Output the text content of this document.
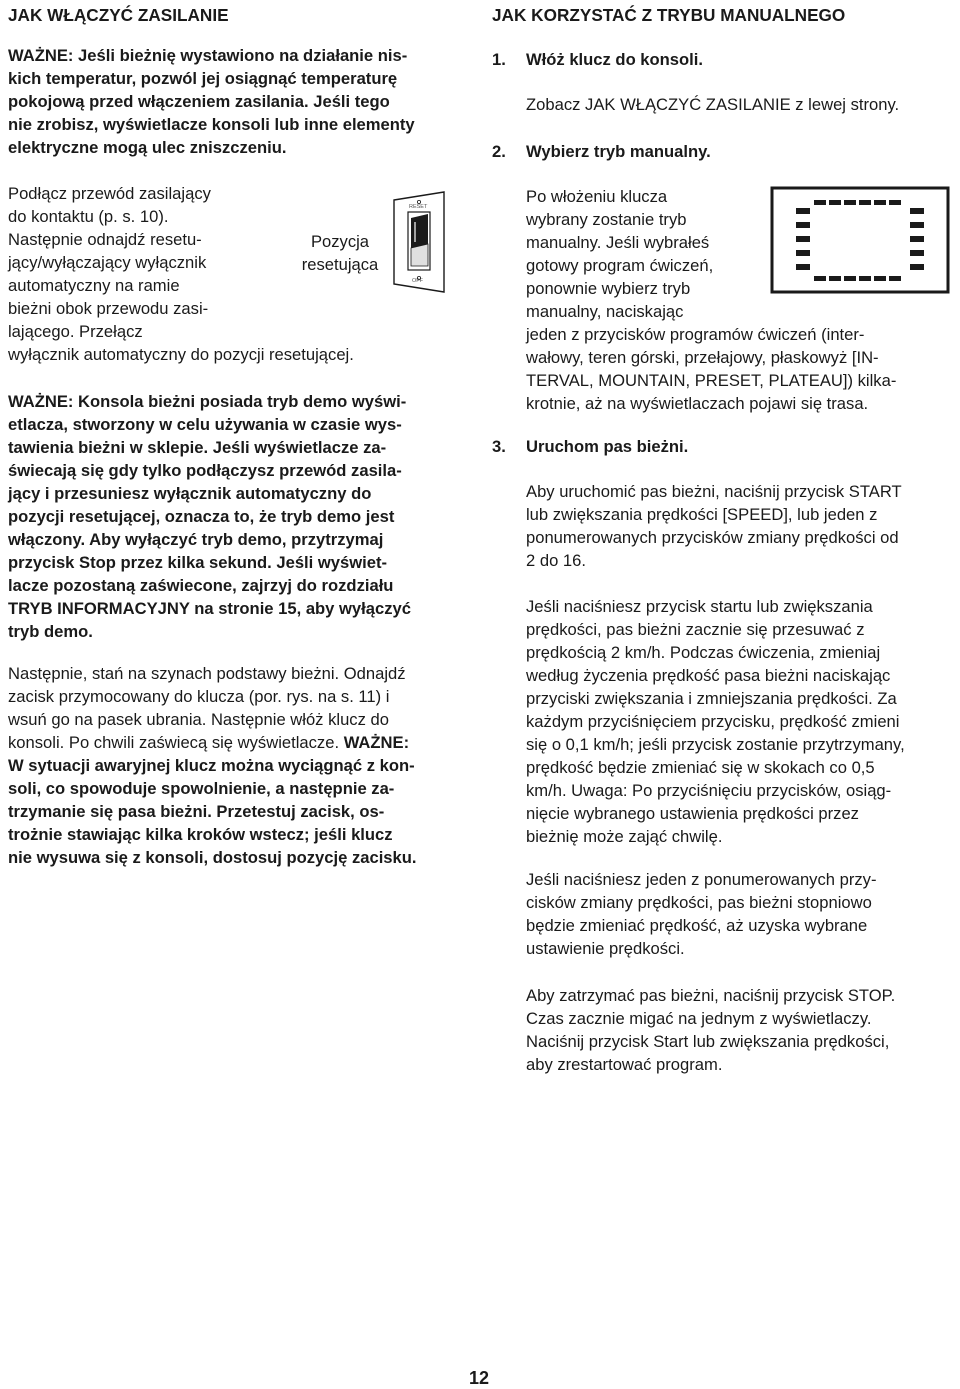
JAK WŁĄCZYĆ ZASILANIE
WAŻNE: Jeśli bieżnię wystawiono na działanie nis-
kich temperatur, pozwól jej osiągnąć temperaturę
pokojową przed włączeniem zasilania. Jeśli tego
nie zrobisz, wyświetlacze konsoli lub inne elementy
elektryczne mogą ulec zniszczeniu.
Podłącz przewód zasilający
do kontaktu (p. s. 10).
Następnie odnajdź resetu-
jący/wyłączający wyłącznik
automatyczny na ramie
bieżni obok przewodu zasi-
lającego. Przełącz
wyłącznik automatyczny do pozycji resetującej.
Pozycja
resetująca
RESET
OFF
WAŻNE: Konsola bieżni posiada tryb demo wyświ-
etlacza, stworzony w celu używania w czasie wys-
tawienia bieżni w sklepie. Jeśli wyświetlacze za-
świecają się gdy tylko podłączysz przewód zasila-
jący i przesuniesz wyłącznik automatyczny do
pozycji resetującej, oznacza to, że tryb demo jest
włączony. Aby wyłączyć tryb demo, przytrzymaj
przycisk Stop przez kilka sekund. Jeśli wyświet-
lacze pozostaną zaświecone, zajrzyj do rozdziału
TRYB INFORMACYJNY na stronie 15, aby wyłączyć
tryb demo.
Następnie, stań na szynach podstawy bieżni. Odnajdź
zacisk przymocowany do klucza (por. rys. na s. 11) i
wsuń go na pasek ubrania. Następnie włóż klucz do
konsoli. Po chwili zaświecą się wyświetlacze. WAŻNE:
W sytuacji awaryjnej klucz można wyciągnąć z kon-
soli, co spowoduje spowolnienie, a następnie za-
trzymanie się pasa bieżni. Przetestuj zacisk, os-
trożnie stawiając kilka kroków wstecz; jeśli klucz
nie wysuwa się z konsoli, dostosuj pozycję zacisku.
JAK KORZYSTAĆ Z TRYBU MANUALNEGO
1. Włóż klucz do konsoli.
Zobacz JAK WŁĄCZYĆ ZASILANIE z lewej strony.
2. Wybierz tryb manualny.
Po włożeniu klucza
wybrany zostanie tryb
manualny. Jeśli wybrałeś
gotowy program ćwiczeń,
ponownie wybierz tryb
manualny, naciskając
jeden z przycisków programów ćwiczeń (inter-
wałowy, teren górski, przełajowy, płaskowyż [IN-
TERVAL, MOUNTAIN, PRESET, PLATEAU]) kilka-
krotnie, aż na wyświetlaczach pojawi się trasa.
3. Uruchom pas bieżni.
Aby uruchomić pas bieżni, naciśnij przycisk START
lub zwiększania prędkości [SPEED], lub jeden z
ponumerowanych przycisków zmiany prędkości od
2 do 16.
Jeśli naciśniesz przycisk startu lub zwiększania
prędkości, pas bieżni zacznie się przesuwać z
prędkością 2 km/h. Podczas ćwiczenia, zmieniaj
według życzenia prędkość pasa bieżni naciskając
przyciski zwiększania i zmniejszania prędkości. Za
każdym przyciśnięciem przycisku, prędkość zmieni
się o 0,1 km/h; jeśli przycisk zostanie przytrzymany,
prędkość będzie zmieniać się w skokach co 0,5
km/h. Uwaga: Po przyciśnięciu przycisków, osiąg-
nięcie wybranego ustawienia prędkości przez
bieżnię może zająć chwilę.
Jeśli naciśniesz jeden z ponumerowanych przy-
cisków zmiany prędkości, pas bieżni stopniowo
będzie zmieniać prędkość, aż uzyska wybrane
ustawienie prędkości.
Aby zatrzymać pas bieżni, naciśnij przycisk STOP.
Czas zacznie migać na jednym z wyświetlaczy.
Naciśnij przycisk Start lub zwiększania prędkości,
aby zrestartować program.
12
